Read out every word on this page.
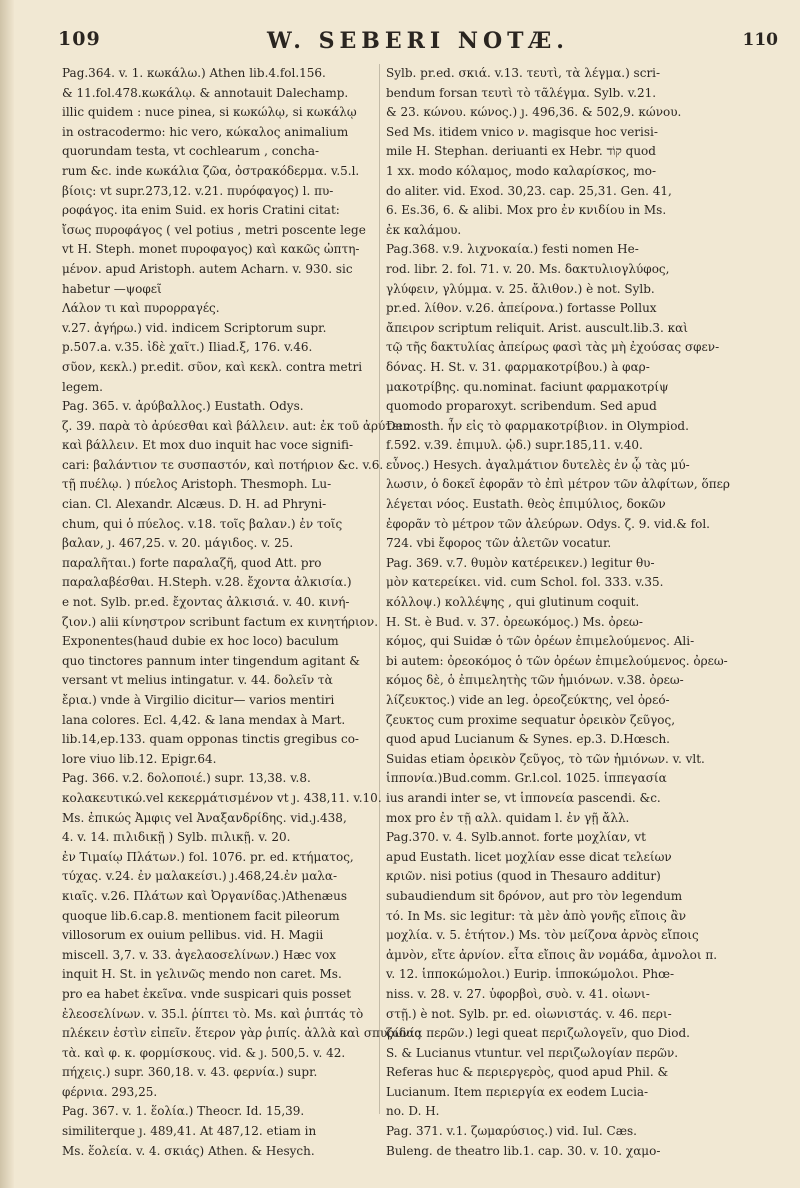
109	W. SEBERI NOTÆ.	110
Pag.364. v. 1. κωκάλω.) Athen lib.4.fol.156.
& 11.fol.478.κωκάλῳ. & annotauit Dalechamp.
illic quidem : nuce pinea, si κωκώλῳ, si κωκάλῳ
in ostracodermo: hic vero, κώκαλος animalium
quorundam testa, vt cochlearum , concha-
rum &c. inde κωκάλια ζῶα, ὀστρακόδερμα. v.5.l.
βίοις: vt supr.273,12. v.21. πυρόφαγος) l. πυ-
ροφάγος. ita enim Suid. ex horis Cratini citat:
ἴσως πυροφάγος ( vel potius , metri poscente lege
vt H. Steph. monet πυροφαγος) καὶ κακῶς ὠπτη-
μένον. apud Aristoph. autem Acharn. v. 930. sic
habetur —ψοφεῖ
Λάλον τι καὶ πυρορραγές.
v.27. ἀγήρω.) vid. indicem Scriptorum supr.
p.507.a. v.35. ἰδὲ χαῖτ.) Iliad.ξ, 176. v.46.
σῦον, κεκλ.) pr.edit. σῦον, καὶ κεκλ. contra metri
legem.
Pag. 365. v. ἀρύβαλλος.) Eustath. Odys.
ζ. 39. παρὰ τὸ ἀρύεσθαι καὶ βάλλειν. aut: ἐκ τοῦ ἀρύτειν
καὶ βάλλειν. Et mox duo inquit hac voce signifi-
cari: βαλάντιον τε συσπαστόν, καὶ ποτήριον &c. v.6.
τῇ πυέλῳ. ) πύελος Aristoph. Thesmoph. Lu-
cian. Cl. Alexandr. Alcæus. D. H. ad Phryni-
chum, qui ὁ πύελος. v.18. τοῖς βαλαν.) ἐν τοῖς
βαλαν, ȷ. 467,25. v. 20. μάγιδος. v. 25.
παραλῆται.) forte παραλαζῆ, quod Att. pro
παραλαβέσθαι. H.Steph. v.28. ἔχοντα ἀλκισία.)
e not. Sylb. pr.ed. ἔχοντας ἀλκισιά. v. 40. κινή-
ζιον.) alii κίνηστρον scribunt factum ex κινητήριον.
Exponentes(haud dubie ex hoc loco) baculum
quo tinctores pannum inter tingendum agitant &
versant vt melius intingatur. v. 44. δολεῖν τὰ
ἔρια.) vnde à Virgilio dicitur— varios mentiri
lana colores. Ecl. 4,42. & lana mendax à Mart.
lib.14,ep.133. quam opponas tinctis gregibus co-
lore viuo lib.12. Epigr.64.
Pag. 366. v.2. δολοποιέ.) supr. 13,38. v.8.
κολακευτικώ.vel κεκερμάτισμένον vt ȷ. 438,11. v.10.
Ms. ἐπικώς Ἀμφις vel Ἀναξανδρίδης. vid.ȷ.438,
4. v. 14. πιλιδικῇ ) Sylb. πιλικῇ. v. 20.
ἐν Τιμαίῳ Πλάτων.) fol. 1076. pr. ed. κτήματος,
τύχας. v.24. ἐν μαλακείσι.) ȷ.468,24.ἐν μαλα-
κιαῖς. v.26. Πλάτων καὶ Ὀργανίδας.)Athenæus
quoque lib.6.cap.8. mentionem facit pileorum
villosorum ex ouium pellibus. vid. H. Magii
miscell. 3,7. v. 33. ἀγελαοσελίνων.) Hæc vox
inquit H. St. in γελινῶς mendo non caret. Ms.
pro ea habet ἐκεῖνα. vnde suspicari quis posset
ἐλεοσελίνων. v. 35.l. ῥίπτει τὸ. Ms. καὶ ῥιπτάς τὸ
πλέκειν ἐστὶν εἰπεῖν. ἕτερον γὰρ ῥιπίς. ἀλλὰ καὶ σπυρίδας
τὰ. καὶ φ. κ. φορμίσκους. vid. & ȷ. 500,5. v. 42.
πήχεις.) supr. 360,18. v. 43. φερνία.) supr.
φέρνια. 293,25.
Pag. 367. v. 1. ἕολία.) Theocr. Id. 15,39.
similiterque ȷ. 489,41. At 487,12. etiam in
Ms. ἕολεία. v. 4. σκιάς) Athen. & Hesych.
Sylb. pr.ed. σκιά. v.13. τευτὶ, τὰ λέγμα.) scri-
bendum forsan τευτὶ τὸ τᾶλέγμα. Sylb. v.21.
& 23. κώνου. κώνος.) ȷ. 496,36. & 502,9. κώνου.
Sed Ms. itidem vnico ν. magisque hoc verisi-
mile H. Stephan. deriuanti ex Hebr. קוֹד quod
1 xx. modo κόλαμος, modo καλαρίσκος, mo-
do aliter. vid. Exod. 30,23. cap. 25,31. Gen. 41,
6. Es.36, 6. & alibi. Mox pro ἐν κνιδίου in Ms.
ἐκ καλάμου.
Pag.368. v.9. λιχνοκαία.) festi nomen He-
rod. libr. 2. fol. 71. v. 20. Ms. δακτυλιογλύφος,
γλύφειν, γλύμμα. v. 25. ἄλιθον.) è not. Sylb.
pr.ed. λίθον. v.26. ἀπείρονα.) fortasse Pollux
ἄπειρον scriptum reliquit. Arist. auscult.lib.3. καὶ
τῷ τῆς δακτυλίας ἀπείρως φασὶ τὰς μὴ ἐχούσας σφεν-
δόνας. H. St. v. 31. φαρμακοτρίβου.) à φαρ-
μακοτρίβης. qu.nominat. faciunt φαρμακοτρίψ
quomodo proparoxyt. scribendum. Sed apud
Demosth. ἦν εἰς τὸ φαρμακοτρίβιον. in Olympiod.
f.592. v.39. ἐπιμυλ. ᾠδ.) supr.185,11. v.40.
εὖνος.) Hesych. ἀγαλμάτιον δυτελὲς ἐν ᾧ τὰς μύ-
λωσιν, ὁ δοκεῖ ἐφορᾶν τὸ ἐπὶ μέτρον τῶν ἀλφίτων, ὅπερ
λέγεται νόος. Eustath. θεὸς ἐπιμύλιος, δοκῶν
ἐφορᾶν τὸ μέτρον τῶν ἀλεύρων. Odys. ζ. 9. vid.& fol.
724. vbi ἔφορος τῶν ἀλετῶν vocatur.
Pag. 369. v.7. θυμὸν κατέρεικεν.) legitur θυ-
μὸν κατερείκει. vid. cum Schol. fol. 333. v.35.
κόλλοψ.) κολλέψης , qui glutinum coquit.
H. St. è Bud. v. 37. ὀρεωκόμος.) Ms. ὀρεω-
κόμος, qui Suidæ ὁ τῶν ὀρέων ἐπιμελούμενος. Ali-
bi autem: ὀρεοκόμος ὁ τῶν ὀρέων ἐπιμελούμενος. ὀρεω-
κόμος δὲ, ὁ ἐπιμελητὴς τῶν ἡμιόνων. v.38. ὀρεω-
λίζευκτος.) vide an leg. ὀρεοζεύκτης, vel ὀρεό-
ζευκτος cum proxime sequatur ὀρεικὸν ζεῦγος,
quod apud Lucianum & Synes. ep.3. D.Hœsch.
Suidas etiam ὀρεικὸν ζεῦγος, τὸ τῶν ἡμιόνων. v. vlt.
ἱππονία.)Bud.comm. Gr.l.col. 1025. ἱππεγασία
ius arandi inter se, vt ἱππονεία pascendi. &c.
mox pro ἐν τῇ αλλ. quidam l. ἐν γῇ ἄλλ.
Pag.370. v. 4. Sylb.annot. forte μοχλίαν, vt
apud Eustath. licet μοχλίαν esse dicat τελείων
κριῶν. nisi potius (quod in Thesauro additur)
subaudiendum sit δρόνον, aut pro τὸν legendum
τό. In Ms. sic legitur: τὰ μὲν ἀπὸ γονῆς εἴποις ἂν
μοχλία. v. 5. ἑτήτον.) Ms. τὸν μείζονα ἀρνὸς εἴποις
ἀμνὸν, εἴτε ἀρνίον. εἶτα εἴποις ἂν νομάδα, ἀμνολοι π.
v. 12. ἱπποκώμολοι.) Eurip. ἱπποκώμολοι. Phœ-
niss. v. 28. v. 27. ὑφορβοὶ, συὸ. v. 41. οἰωνι-
στῇ.) è not. Sylb. pr. ed. οἰωνιστάς. v. 46. περι-
ζωνία περῶν.) legi queat περιζωλογεῖν, quo Diod.
S. & Lucianus vtuntur. vel περιζωλογίαν περῶν.
Referas huc & περιεργερὸς, quod apud Phil. &
Lucianum. Item περιεργία ex eodem Lucia-
no. D. H.
Pag. 371. v.1. ζωμαρύσιος.) vid. Iul. Cæs.
Buleng. de theatro lib.1. cap. 30. v. 10. χαμο-
